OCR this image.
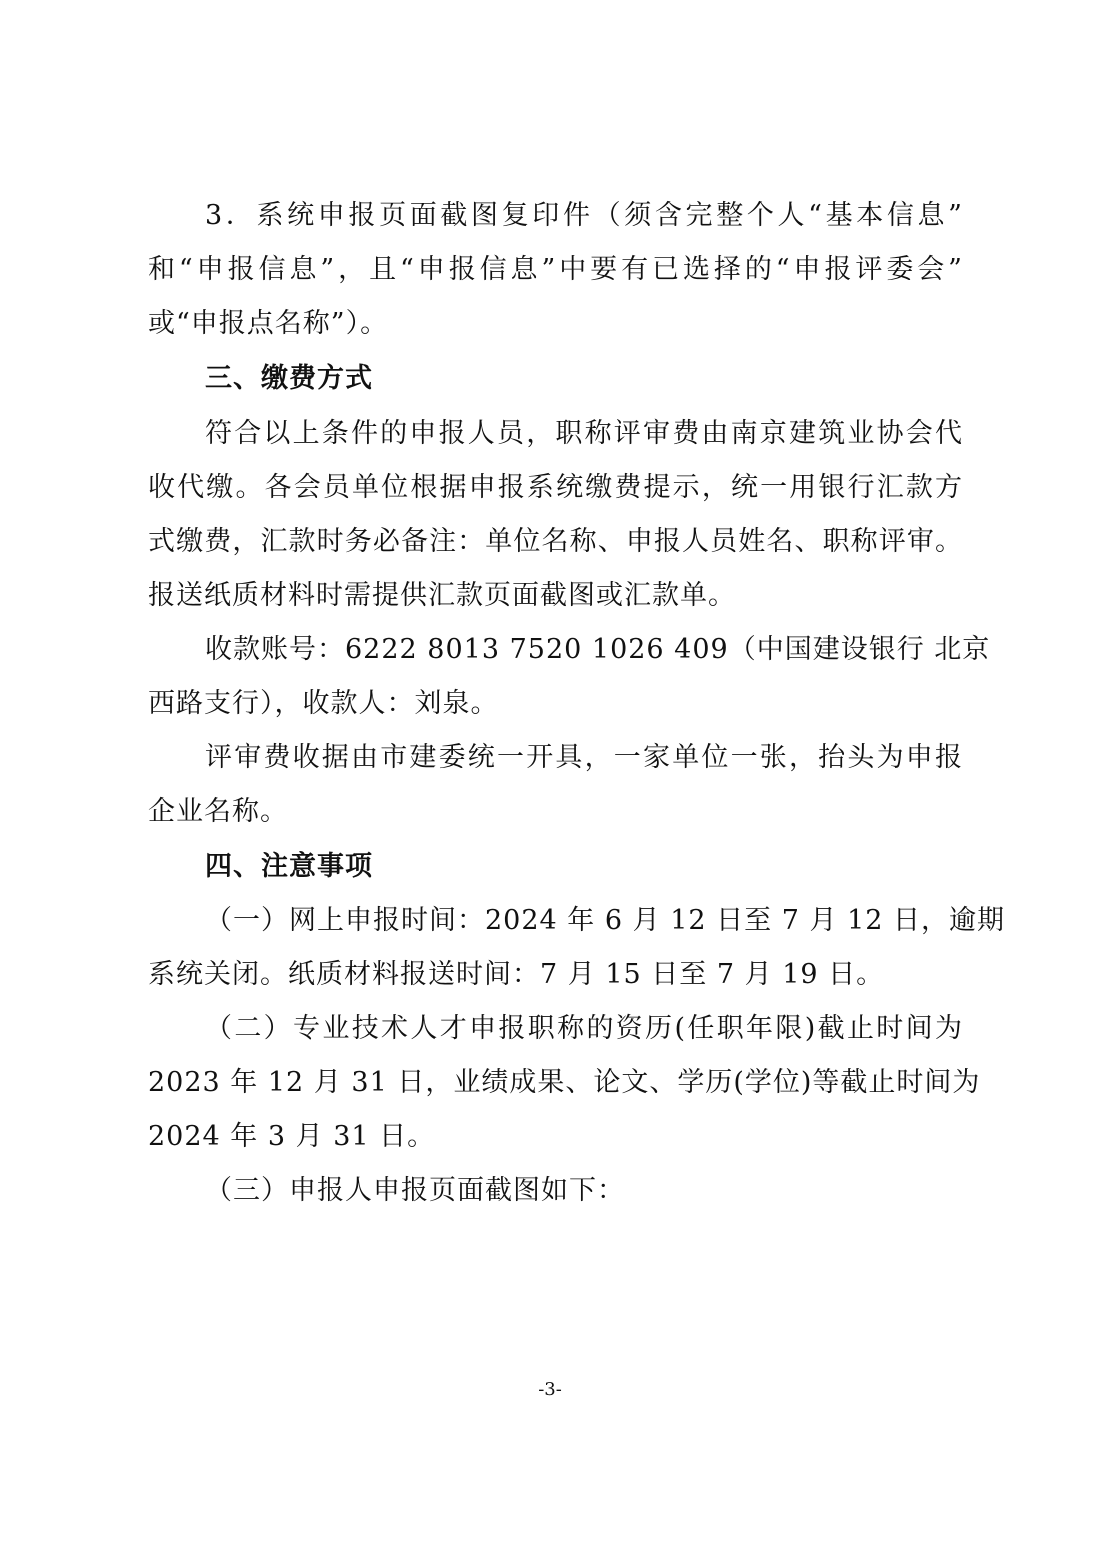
3．系统申报页面截图复印件（须含完整个人“基本信息”
和“申报信息”，且“申报信息”中要有已选择的“申报评委会”
或“申报点名称”）。
三、缴费方式
符合以上条件的申报人员，职称评审费由南京建筑业协会代
收代缴。各会员单位根据申报系统缴费提示，统一用银行汇款方
式缴费，汇款时务必备注：单位名称、申报人员姓名、职称评审。
报送纸质材料时需提供汇款页面截图或汇款单。
收款账号：6222 8013 7520 1026 409（中国建设银行 北京
西路支行），收款人：刘泉。
评审费收据由市建委统一开具，一家单位一张，抬头为申报
企业名称。
四、注意事项
（一）网上申报时间：2024 年 6 月 12 日至 7 月 12 日，逾期
系统关闭。纸质材料报送时间：7 月 15 日至 7 月 19 日。
（二）专业技术人才申报职称的资历(任职年限)截止时间为
2023 年 12 月 31 日，业绩成果、论文、学历(学位)等截止时间为
2024 年 3 月 31 日。
（三）申报人申报页面截图如下：
-3-
